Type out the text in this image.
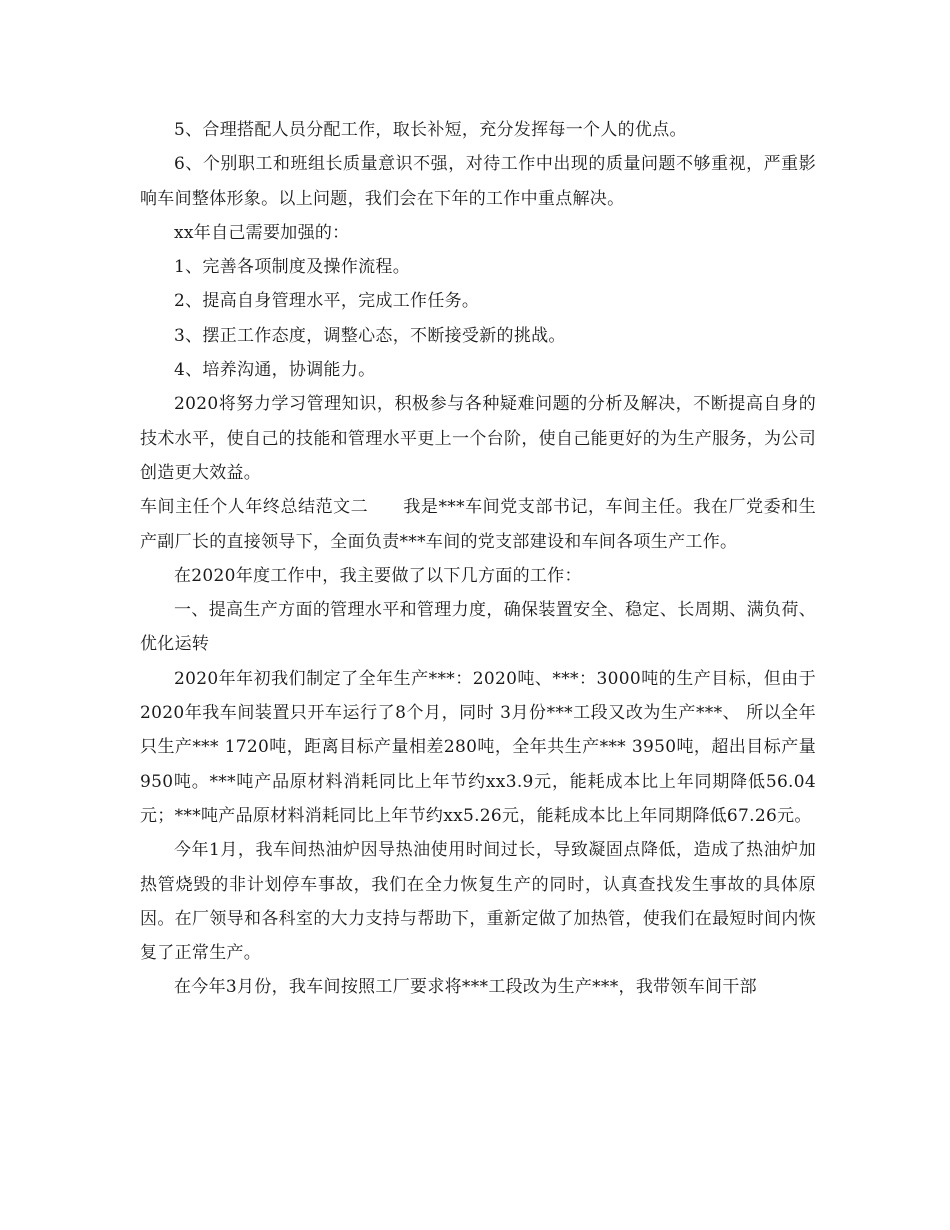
5、合理搭配人员分配工作，取长补短，充分发挥每一个人的优点。

6、个别职工和班组长质量意识不强，对待工作中出现的质量问题不够重视，严重影响车间整体形象。以上问题，我们会在下年的工作中重点解决。

xx年自己需要加强的：

1、完善各项制度及操作流程。

2、提高自身管理水平，完成工作任务。

3、摆正工作态度，调整心态，不断接受新的挑战。

4、培养沟通，协调能力。

2020将努力学习管理知识，积极参与各种疑难问题的分析及解决，不断提高自身的技术水平，使自己的技能和管理水平更上一个台阶，使自己能更好的为生产服务，为公司创造更大效益。

车间主任个人年终总结范文二　　我是***车间党支部书记，车间主任。我在厂党委和生产副厂长的直接领导下，全面负责***车间的党支部建设和车间各项生产工作。

在2020年度工作中，我主要做了以下几方面的工作：

一、提高生产方面的管理水平和管理力度，确保装置安全、稳定、长周期、满负荷、优化运转

2020年年初我们制定了全年生产***：2020吨、***：3000吨的生产目标，但由于2020年我车间装置只开车运行了8个月，同时 3月份***工段又改为生产***、 所以全年只生产*** 1720吨，距离目标产量相差280吨，全年共生产*** 3950吨，超出目标产量950吨。***吨产品原材料消耗同比上年节约xx3.9元，能耗成本比上年同期降低56.04元；***吨产品原材料消耗同比上年节约xx5.26元，能耗成本比上年同期降低67.26元。

今年1月，我车间热油炉因导热油使用时间过长，导致凝固点降低，造成了热油炉加热管烧毁的非计划停车事故，我们在全力恢复生产的同时，认真查找发生事故的具体原因。在厂领导和各科室的大力支持与帮助下，重新定做了加热管，使我们在最短时间内恢复了正常生产。

在今年3月份，我车间按照工厂要求将***工段改为生产***，我带领车间干部
